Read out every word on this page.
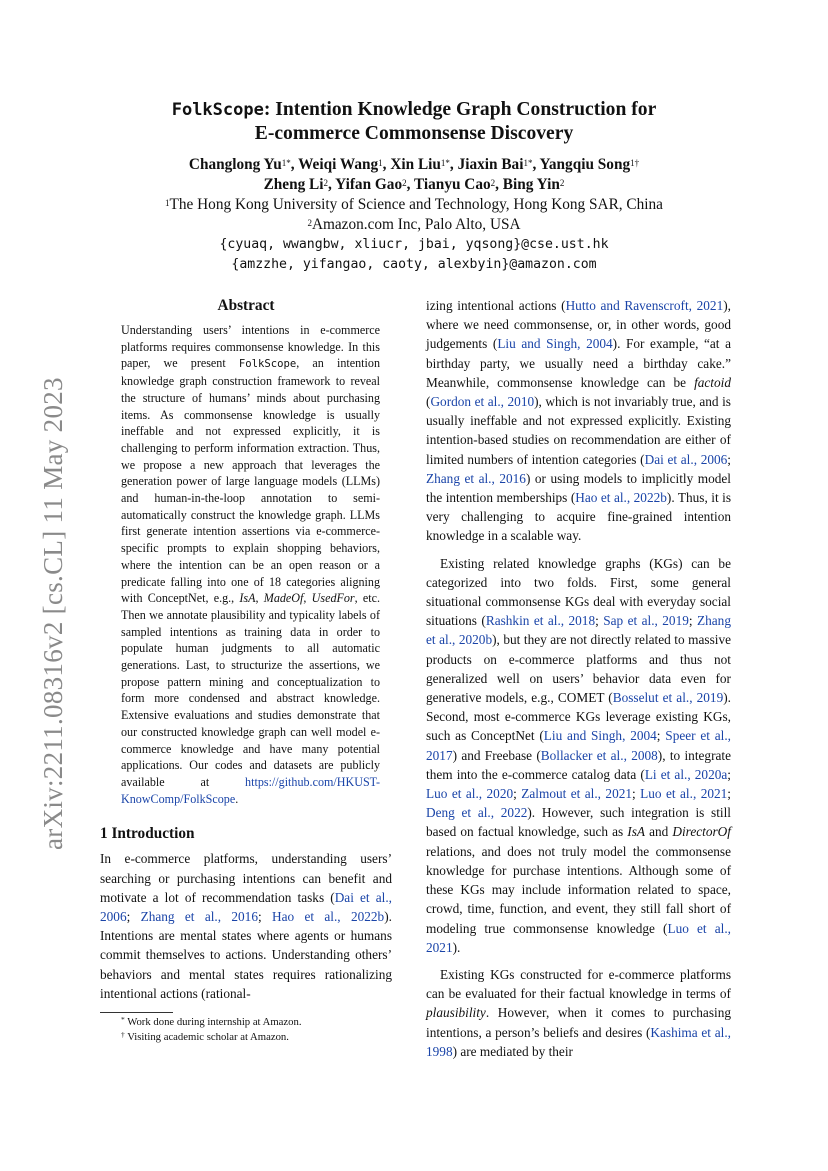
arXiv:2211.08316v2 [cs.CL] 11 May 2023
FolkScope: Intention Knowledge Graph Construction for
E-commerce Commonsense Discovery
Changlong $Yu^{1*}$, Weiqi Wang$^1$, Xin Liu$^{1*}$, Jiaxin Bai$^{1*}$, Yangqiu Song$^{1\dagger}$
Zheng Li$^2$, Yifan Gao$^2$, Tianyu Cao$^2$, Bing Yin$^2$
$^1$The Hong Kong University of Science and Technology, Hong Kong SAR, China
$^2$Amazon.com Inc, Palo Alto, USA
{cyuaq, wwangbw, xliucr, jbai, yqsong}@cse.ust.hk
{amzzhe, yifangao, caoty, alexbyin}@amazon.com
Abstract
Understanding users’ intentions in e-commerce platforms requires commonsense knowledge. In this paper, we present FolkScope, an intention knowledge graph construction framework to reveal the structure of humans’ minds about purchasing items. As commonsense knowledge is usually ineffable and not expressed explicitly, it is challenging to perform information extraction. Thus, we propose a new approach that leverages the generation power of large language models (LLMs) and human-in-the-loop annotation to semi-automatically construct the knowledge graph. LLMs first generate intention assertions via e-commerce-specific prompts to explain shopping behaviors, where the intention can be an open reason or a predicate falling into one of 18 categories aligning with ConceptNet, e.g., IsA, MadeOf, UsedFor, etc. Then we annotate plausibility and typicality labels of sampled intentions as training data in order to populate human judgments to all automatic generations. Last, to structurize the assertions, we propose pattern mining and conceptualization to form more condensed and abstract knowledge. Extensive evaluations and studies demonstrate that our constructed knowledge graph can well model e-commerce knowledge and have many potential applications. Our codes and datasets are publicly available at https://github.com/HKUST-KnowComp/FolkScope.
1 Introduction

In e-commerce platforms, understanding users’ searching or purchasing intentions can benefit and motivate a lot of recommendation tasks (Dai et al., 2006; Zhang et al., 2016; Hao et al., 2022b). Intentions are mental states where agents or humans commit themselves to actions. Understanding others’ behaviors and mental states requires rationalizing intentional actions (rational-

* Work done during internship at Amazon.
† Visiting academic scholar at Amazon.

izing intentional actions (Hutto and Ravenscroft, 2021), where we need commonsense, or, in other words, good judgements (Liu and Singh, 2004). For example, “at a birthday party, we usually need a birthday cake.” Meanwhile, commonsense knowledge can be factoid (Gordon et al., 2010), which is not invariably true, and is usually ineffable and not expressed explicitly. Existing intention-based studies on recommendation are either of limited numbers of intention categories (Dai et al., 2006; Zhang et al., 2016) or using models to implicitly model the intention memberships (Hao et al., 2022b). Thus, it is very challenging to acquire fine-grained intention knowledge in a scalable way.

Existing related knowledge graphs (KGs) can be categorized into two folds. First, some general situational commonsense KGs deal with everyday social situations (Rashkin et al., 2018; Sap et al., 2019; Zhang et al., 2020b), but they are not directly related to massive products on e-commerce platforms and thus not generalized well on users’ behavior data even for generative models, e.g., COMET (Bosselut et al., 2019). Second, most e-commerce KGs leverage existing KGs, such as ConceptNet (Liu and Singh, 2004; Speer et al., 2017) and Freebase (Bollacker et al., 2008), to integrate them into the e-commerce catalog data (Li et al., 2020a; Luo et al., 2020; Zalmout et al., 2021; Luo et al., 2021; Deng et al., 2022). However, such integration is still based on factual knowledge, such as IsA and DirectorOf relations, and does not truly model the commonsense knowledge for purchase intentions. Although some of these KGs may include information related to space, crowd, time, function, and event, they still fall short of modeling true commonsense knowledge (Luo et al., 2021).

Existing KGs constructed for e-commerce platforms can be evaluated for their factual knowledge in terms of plausibility. However, when it comes to purchasing intentions, a person’s beliefs and desires (Kashima et al., 1998) are mediated by their
